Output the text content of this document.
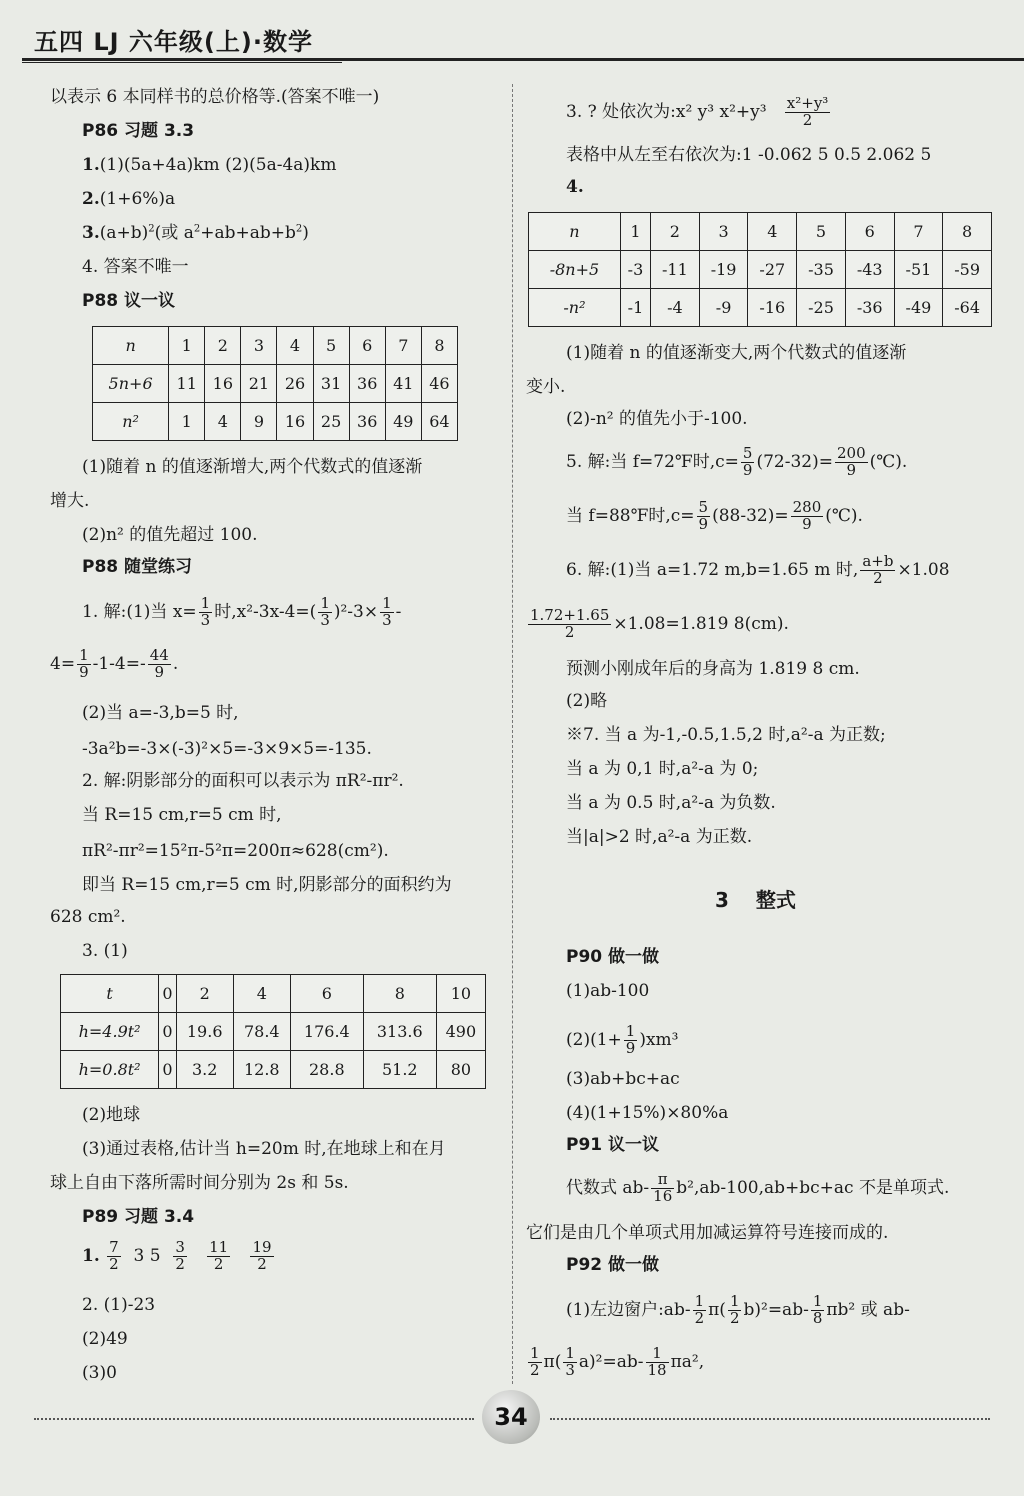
五四 LJ 六年级(上)·数学
以表示 6 本同样书的总价格等.(答案不唯一)
P86 习题 3.3
1.(1)(5a+4a)km (2)(5a-4a)km
2.(1+6%)a
$3.(a+b)^2$(或 $a^2+ab+ab+b^2$)
4. 答案不唯一
P88 议一议
n	1	2	3	4	5	6	7	8
5n+6	11	16	21	26	31	36	41	46
n²	1	4	9	16	25	36	49	64
(1)随着 n 的值逐渐增大,两个代数式的值逐渐
增大.
(2)n² 的值先超过 100.
P88 随堂练习
1. 解:(1)当 $x= \frac{1}{3}$ 时$,x^2-3x-4=( \frac{1}{3} )^2-3\times \frac{1}{3}$ -
$4= \frac{1}{9} -1-4=- \frac{44}{9}$ .
(2)当 a=-3,b=5 时,
-3a²b=-3×(-3)²×5=-3×9×5=-135.
2. 解:阴影部分的面积可以表示为 πR²-πr².
当 R=15 cm,r=5 cm 时,
πR²-πr²=15²π-5²π=200π≈628(cm²).
即当 R=15 cm,r=5 cm 时,阴影部分的面积约为
628 cm².
3. (1)
t	0	2	4	6	8	10
h=4.9t²	0	19.6	78.4	176.4	313.6	490
h=0.8t²	0	3.2	12.8	28.8	51.2	80
(2)地球
(3)通过表格,估计当 h=20m 时,在地球上和在月
球上自由下落所需时间分别为 2s 和 5s.
P89 习题 3.4
1. $\frac{7}{2} 3$ $5 \frac{3}{2}$
$\frac{11}{2}$
$\frac{19}{2}$
2. (1)-23
(2)49
(3)0
3. ? 处依次为:x² y³ $x^2+y^3 \frac{\text{x²+y³}}{2}$
表格中从左至右依次为:1 -0.062 5 0.5 2.062 5
4.
n	1	2	3	4	5	6	7	8
-8n+5	-3	-11	-19	-27	-35	-43	-51	-59
-n²	-1	-4	-9	-16	-25	-36	-49	-64
(1)随着 n 的值逐渐变大,两个代数式的值逐渐
变小.
(2)-n² 的值先小于-100.
5. 解:当 f=72℉时$,c= \frac{5}{9} (72-32)= \frac{200}{9}$ (℃).
当 f=88℉时$,c= \frac{5}{9} (88-32)= \frac{280}{9}$ (℃).
6. 解:(1)当 a=1.72 m,b=1.65 m 时, $\frac{a+b}{2} \times 1.08$
$\frac{1.72+1.65}{2} \times 1.08=1.819$ 8(cm).
预测小刚成年后的身高为 1.819 8 cm.
(2)略
※7. 当 a 为-1,-0.5,1.5,2 时,a²-a 为正数;
当 a 为 0,1 时,a²-a 为 0;
当 a 为 0.5 时,a²-a 为负数.
当|a|>2 时,a²-a 为正数.
3 整式
P90 做一做
(1)ab-100
$(2)(1+ \frac{1}{9} )xm^3$
(3)ab+bc+ac
(4)(1+15%)×80%a
P91 议一议
代数式 $ab- \frac{\pi}{16} b^2,ab-100,ab+bc+ac$ 不是单项式.
它们是由几个单项式用加减运算符号连接而成的.
P92 做一做
(1)左边窗户:ab- $\frac{1}{2} \pi( \frac{1}{2} b)^2=ab- \frac{1}{8} \pi b^2$ 或 ab-
$\frac{1}{2} \pi( \frac{1}{3} a)^2=ab- \frac{1}{18} \pi a^2$,
34
